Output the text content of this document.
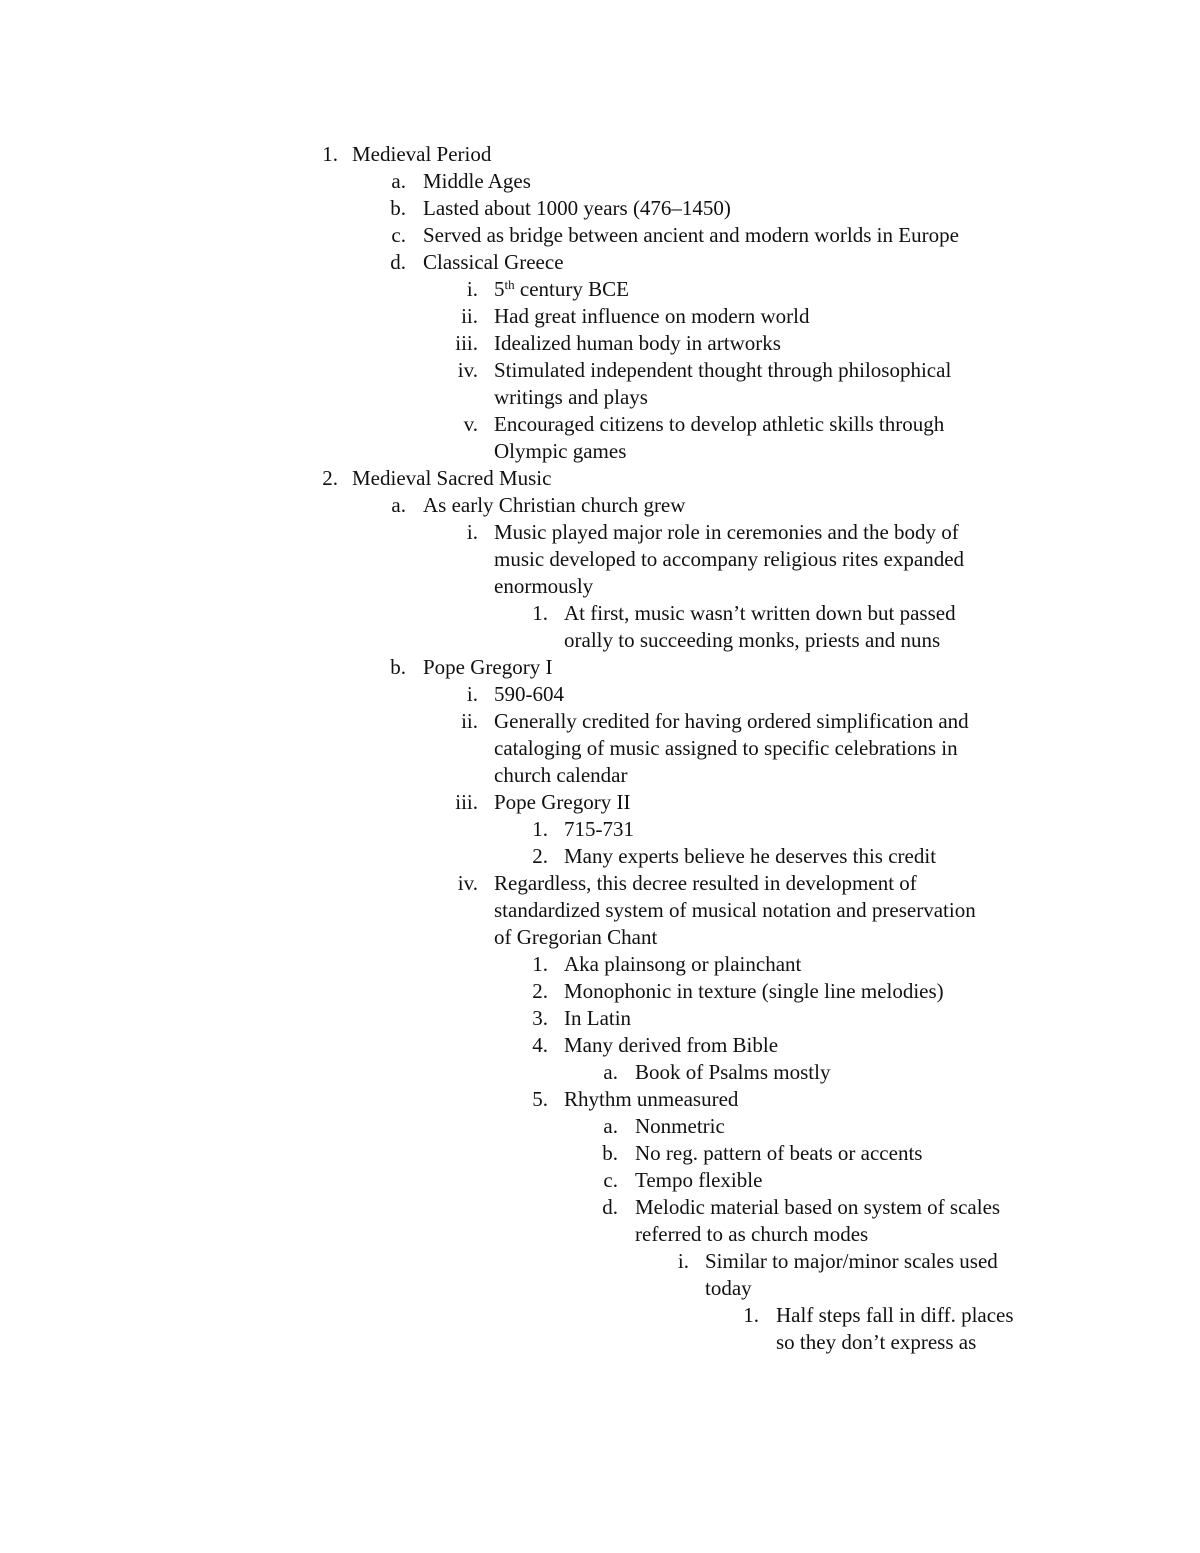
1. Medieval Period
a. Middle Ages
b. Lasted about 1000 years (476–1450)
c. Served as bridge between ancient and modern worlds in Europe
d. Classical Greece
i. 5th century BCE
ii. Had great influence on modern world
iii. Idealized human body in artworks
iv. Stimulated independent thought through philosophical
writings and plays
v. Encouraged citizens to develop athletic skills through
Olympic games
2. Medieval Sacred Music
a. As early Christian church grew
i. Music played major role in ceremonies and the body of
music developed to accompany religious rites expanded
enormously
1. At first, music wasn’t written down but passed
orally to succeeding monks, priests and nuns
b. Pope Gregory I
i. 590-604
ii. Generally credited for having ordered simplification and
cataloging of music assigned to specific celebrations in
church calendar
iii. Pope Gregory II
1. 715-731
2. Many experts believe he deserves this credit
iv. Regardless, this decree resulted in development of
standardized system of musical notation and preservation
of Gregorian Chant
1. Aka plainsong or plainchant
2. Monophonic in texture (single line melodies)
3. In Latin
4. Many derived from Bible
a. Book of Psalms mostly
5. Rhythm unmeasured
a. Nonmetric
b. No reg. pattern of beats or accents
c. Tempo flexible
d. Melodic material based on system of scales
referred to as church modes
i. Similar to major/minor scales used
today
1. Half steps fall in diff. places
so they don’t express as
